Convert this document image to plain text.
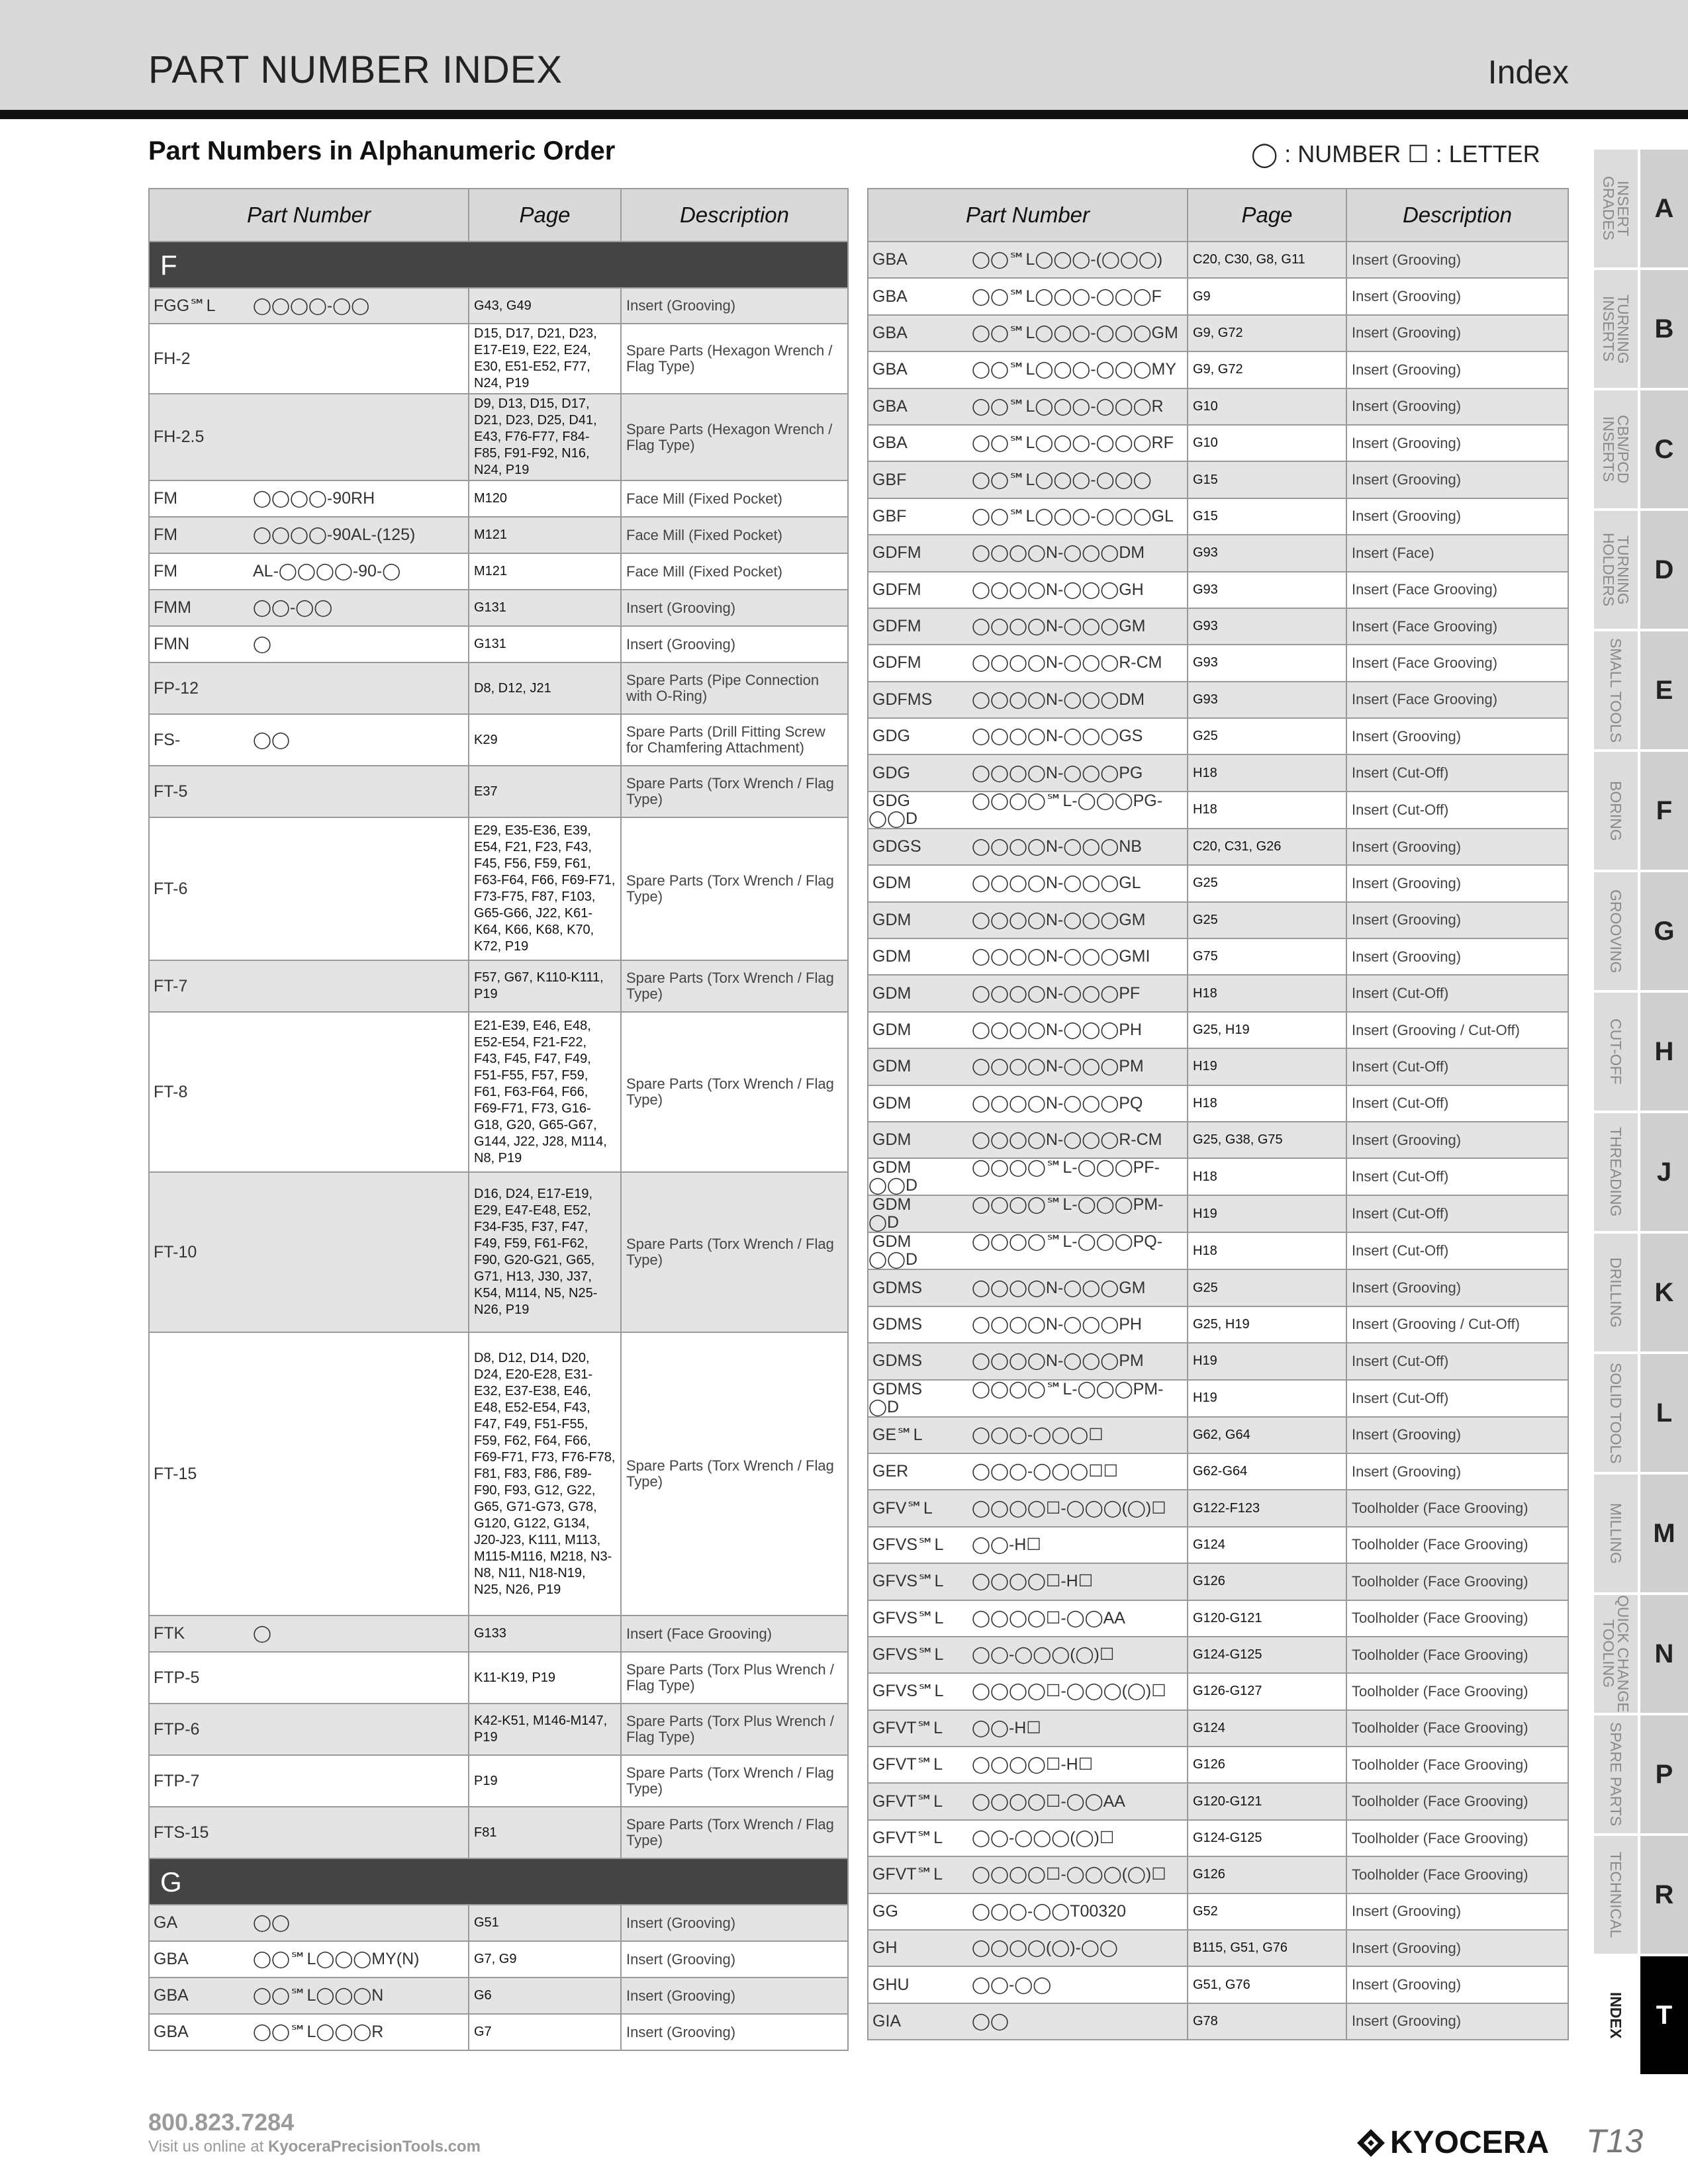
PART NUMBER INDEX	Index
Part Numbers in Alphanumeric Order	◯ : NUMBER ☐ : LETTER
Part Number	Page	Description
F		
FGG℠L ◯◯◯◯-◯◯	G43, G49	Insert (Grooving)
FH-2	D15, D17, D21, D23, E17-E19, E22, E24, E30, E51-E52, F77, N24, P19	Spare Parts (Hexagon Wrench / Flag Type)
FH-2.5	D9, D13, D15, D17, D21, D23, D25, D41, E43, F76-F77, F84-F85, F91-F92, N16, N24, P19	Spare Parts (Hexagon Wrench / Flag Type)
FM ◯◯◯◯-90RH	M120	Face Mill (Fixed Pocket)
FM ◯◯◯◯-90AL-(125)	M121	Face Mill (Fixed Pocket)
FM AL-◯◯◯◯-90-◯	M121	Face Mill (Fixed Pocket)
FMM ◯◯-◯◯	G131	Insert (Grooving)
FMN ◯	G131	Insert (Grooving)
FP-12	D8, D12, J21	Spare Parts (Pipe Connection with O-Ring)
FS- ◯◯	K29	Spare Parts (Drill Fitting Screw for Chamfering Attachment)
FT-5	E37	Spare Parts (Torx Wrench / Flag Type)
FT-6	E29, E35-E36, E39, E54, F21, F23, F43, F45, F56, F59, F61, F63-F64, F66, F69-F71, F73-F75, F87, F103, G65-G66, J22, K61-K64, K66, K68, K70, K72, P19	Spare Parts (Torx Wrench / Flag Type)
FT-7	F57, G67, K110-K111, P19	Spare Parts (Torx Wrench / Flag Type)
FT-8	E21-E39, E46, E48, E52-E54, F21-F22, F43, F45, F47, F49, F51-F55, F57, F59, F61, F63-F64, F66, F69-F71, F73, G16-G18, G20, G65-G67, G144, J22, J28, M114, N8, P19	Spare Parts (Torx Wrench / Flag Type)
FT-10	D16, D24, E17-E19, E29, E47-E48, E52, F34-F35, F37, F47, F49, F59, F61-F62, F90, G20-G21, G65, G71, H13, J30, J37, K54, M114, N5, N25-N26, P19	Spare Parts (Torx Wrench / Flag Type)
FT-15	D8, D12, D14, D20, D24, E20-E28, E31-E32, E37-E38, E46, E48, E52-E54, F43, F47, F49, F51-F55, F59, F62, F64, F66, F69-F71, F73, F76-F78, F81, F83, F86, F89-F90, F93, G12, G22, G65, G71-G73, G78, G120, G122, G134, J20-J23, K111, M113, M115-M116, M218, N3-N8, N11, N18-N19, N25, N26, P19	Spare Parts (Torx Wrench / Flag Type)
FTK ◯	G133	Insert (Face Grooving)
FTP-5	K11-K19, P19	Spare Parts (Torx Plus Wrench / Flag Type)
FTP-6	K42-K51, M146-M147, P19	Spare Parts (Torx Plus Wrench / Flag Type)
FTP-7	P19	Spare Parts (Torx Wrench / Flag Type)
FTS-15	F81	Spare Parts (Torx Wrench / Flag Type)
G		
GA ◯◯	G51	Insert (Grooving)
GBA ◯◯℠L◯◯◯MY(N)	G7, G9	Insert (Grooving)
GBA ◯◯℠L◯◯◯N	G6	Insert (Grooving)
GBA ◯◯℠L◯◯◯R	G7	Insert (Grooving)
Part Number	Page	Description
GBA ◯◯℠L◯◯◯-(◯◯◯)	C20, C30, G8, G11	Insert (Grooving)
GBA ◯◯℠L◯◯◯-◯◯◯F	G9	Insert (Grooving)
GBA ◯◯℠L◯◯◯-◯◯◯GM	G9, G72	Insert (Grooving)
GBA ◯◯℠L◯◯◯-◯◯◯MY	G9, G72	Insert (Grooving)
GBA ◯◯℠L◯◯◯-◯◯◯R	G10	Insert (Grooving)
GBA ◯◯℠L◯◯◯-◯◯◯RF	G10	Insert (Grooving)
GBF ◯◯℠L◯◯◯-◯◯◯	G15	Insert (Grooving)
GBF ◯◯℠L◯◯◯-◯◯◯GL	G15	Insert (Grooving)
GDFM ◯◯◯◯N-◯◯◯DM	G93	Insert (Face)
GDFM ◯◯◯◯N-◯◯◯GH	G93	Insert (Face Grooving)
GDFM ◯◯◯◯N-◯◯◯GM	G93	Insert (Face Grooving)
GDFM ◯◯◯◯N-◯◯◯R-CM	G93	Insert (Face Grooving)
GDFMS ◯◯◯◯N-◯◯◯DM	G93	Insert (Face Grooving)
GDG ◯◯◯◯N-◯◯◯GS	G25	Insert (Grooving)
GDG ◯◯◯◯N-◯◯◯PG	H18	Insert (Cut-Off)
GDG ◯◯◯◯℠L-◯◯◯PG-◯◯D	H18	Insert (Cut-Off)
GDGS ◯◯◯◯N-◯◯◯NB	C20, C31, G26	Insert (Grooving)
GDM ◯◯◯◯N-◯◯◯GL	G25	Insert (Grooving)
GDM ◯◯◯◯N-◯◯◯GM	G25	Insert (Grooving)
GDM ◯◯◯◯N-◯◯◯GMI	G75	Insert (Grooving)
GDM ◯◯◯◯N-◯◯◯PF	H18	Insert (Cut-Off)
GDM ◯◯◯◯N-◯◯◯PH	G25, H19	Insert (Grooving / Cut-Off)
GDM ◯◯◯◯N-◯◯◯PM	H19	Insert (Cut-Off)
GDM ◯◯◯◯N-◯◯◯PQ	H18	Insert (Cut-Off)
GDM ◯◯◯◯N-◯◯◯R-CM	G25, G38, G75	Insert (Grooving)
GDM ◯◯◯◯℠L-◯◯◯PF-◯◯D	H18	Insert (Cut-Off)
GDM ◯◯◯◯℠L-◯◯◯PM-◯D	H19	Insert (Cut-Off)
GDM ◯◯◯◯℠L-◯◯◯PQ-◯◯D	H18	Insert (Cut-Off)
GDMS ◯◯◯◯N-◯◯◯GM	G25	Insert (Grooving)
GDMS ◯◯◯◯N-◯◯◯PH	G25, H19	Insert (Grooving / Cut-Off)
GDMS ◯◯◯◯N-◯◯◯PM	H19	Insert (Cut-Off)
GDMS ◯◯◯◯℠L-◯◯◯PM-◯D	H19	Insert (Cut-Off)
GE℠L ◯◯◯-◯◯◯☐	G62, G64	Insert (Grooving)
GER ◯◯◯-◯◯◯☐☐	G62-G64	Insert (Grooving)
GFV℠L ◯◯◯◯☐-◯◯◯(◯)☐	G122-F123	Toolholder (Face Grooving)
GFVS℠L ◯◯-H☐	G124	Toolholder (Face Grooving)
GFVS℠L ◯◯◯◯☐-H☐	G126	Toolholder (Face Grooving)
GFVS℠L ◯◯◯◯☐-◯◯AA	G120-G121	Toolholder (Face Grooving)
GFVS℠L ◯◯-◯◯◯(◯)☐	G124-G125	Toolholder (Face Grooving)
GFVS℠L ◯◯◯◯☐-◯◯◯(◯)☐	G126-G127	Toolholder (Face Grooving)
GFVT℠L ◯◯-H☐	G124	Toolholder (Face Grooving)
GFVT℠L ◯◯◯◯☐-H☐	G126	Toolholder (Face Grooving)
GFVT℠L ◯◯◯◯☐-◯◯AA	G120-G121	Toolholder (Face Grooving)
GFVT℠L ◯◯-◯◯◯(◯)☐	G124-G125	Toolholder (Face Grooving)
GFVT℠L ◯◯◯◯☐-◯◯◯(◯)☐	G126	Toolholder (Face Grooving)
GG ◯◯◯-◯◯T00320	G52	Insert (Grooving)
GH ◯◯◯◯(◯)-◯◯	B115, G51, G76	Insert (Grooving)
GHU ◯◯-◯◯	G51, G76	Insert (Grooving)
GIA ◯◯	G78	Insert (Grooving)
INSERT GRADES	A
TURNING INSERTS	B
CBN/PCD INSERTS	C
TURNING HOLDERS	D
SMALL TOOLS	E
BORING	F
GROOVING	G
CUT-OFF	H
THREADING	J
DRILLING	K
SOLID TOOLS	L
MILLING	M
QUICK CHANGE TOOLING	N
SPARE PARTS	P
TECHNICAL	R
INDEX	T
800.823.7284
Visit us online at KyoceraPrecisionTools.com	KYOCERA T13
